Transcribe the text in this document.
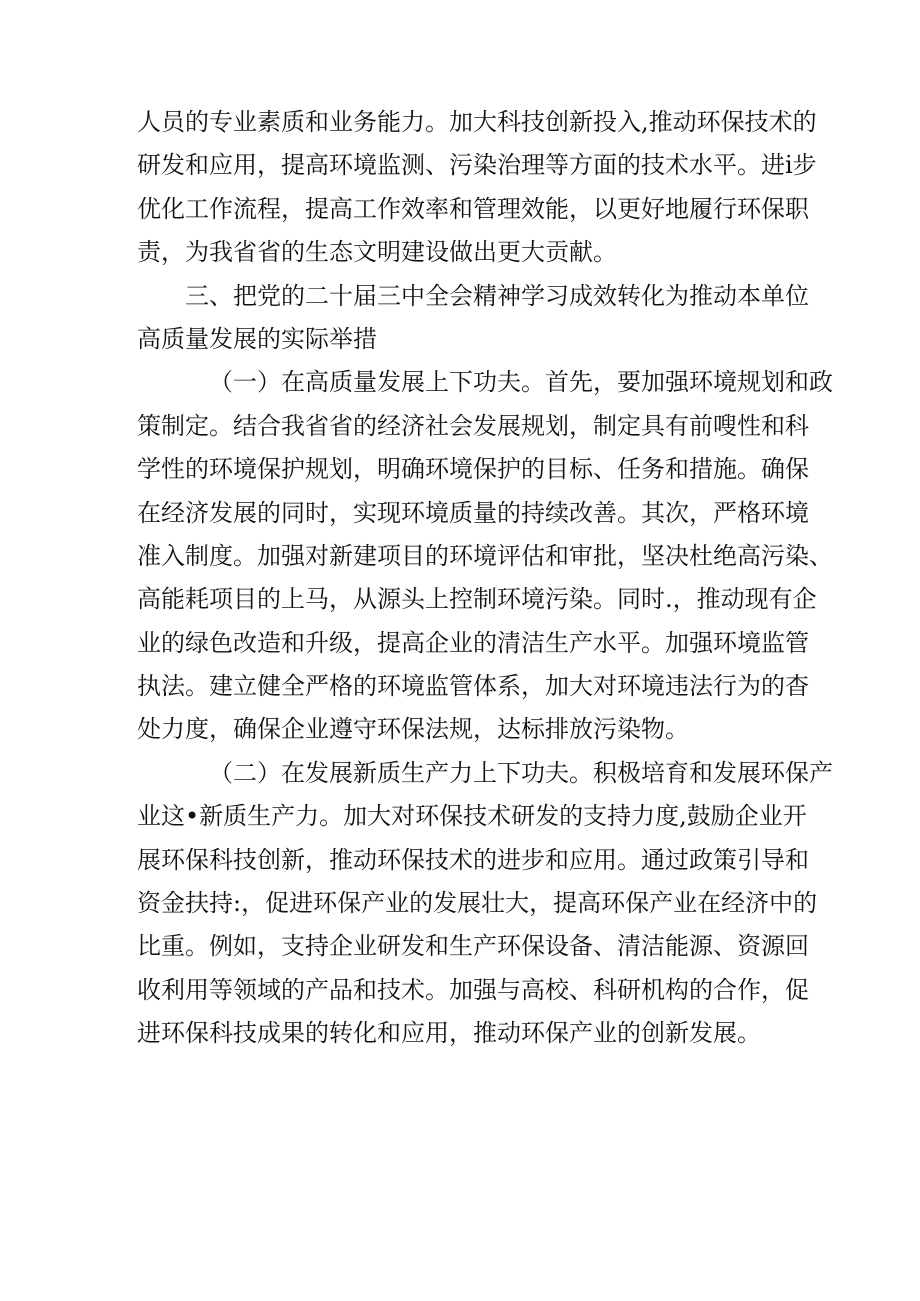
人员的专业素质和业务能力。加大科技创新投入,推动环保技术的
研发和应用，提高环境监测、污染治理等方面的技术水平。进i步
优化工作流程，提高工作效率和管理效能，以更好地履行环保职
责，为我省省的生态文明建设做出更大贡献。
三、把党的二十届三中全会精神学习成效转化为推动本单位
高质量发展的实际举措
（一）在高质量发展上下功夫。首先，要加强环境规划和政
策制定。结合我省省的经济社会发展规划，制定具有前嗖性和科
学性的环境保护规划，明确环境保护的目标、任务和措施。确保
在经济发展的同时，实现环境质量的持续改善。其次，严格环境
准入制度。加强对新建项目的环境评估和审批，坚决杜绝高污染、
高能耗项目的上马，从源头上控制环境污染。同时.，推动现有企
业的绿色改造和升级，提高企业的清洁生产水平。加强环境监管
执法。建立健全严格的环境监管体系，加大对环境违法行为的杳
处力度，确保企业遵守环保法规，达标排放污染物。
（二）在发展新质生产力上下功夫。积极培育和发展环保产
业这•新质生产力。加大对环保技术研发的支持力度,鼓励企业开
展环保科技创新，推动环保技术的进步和应用。通过政策引导和
资金扶持:，促进环保产业的发展壮大，提高环保产业在经济中的
比重。例如，支持企业研发和生产环保设备、清洁能源、资源回
收利用等领域的产品和技术。加强与高校、科研机构的合作，促
进环保科技成果的转化和应用，推动环保产业的创新发展。
